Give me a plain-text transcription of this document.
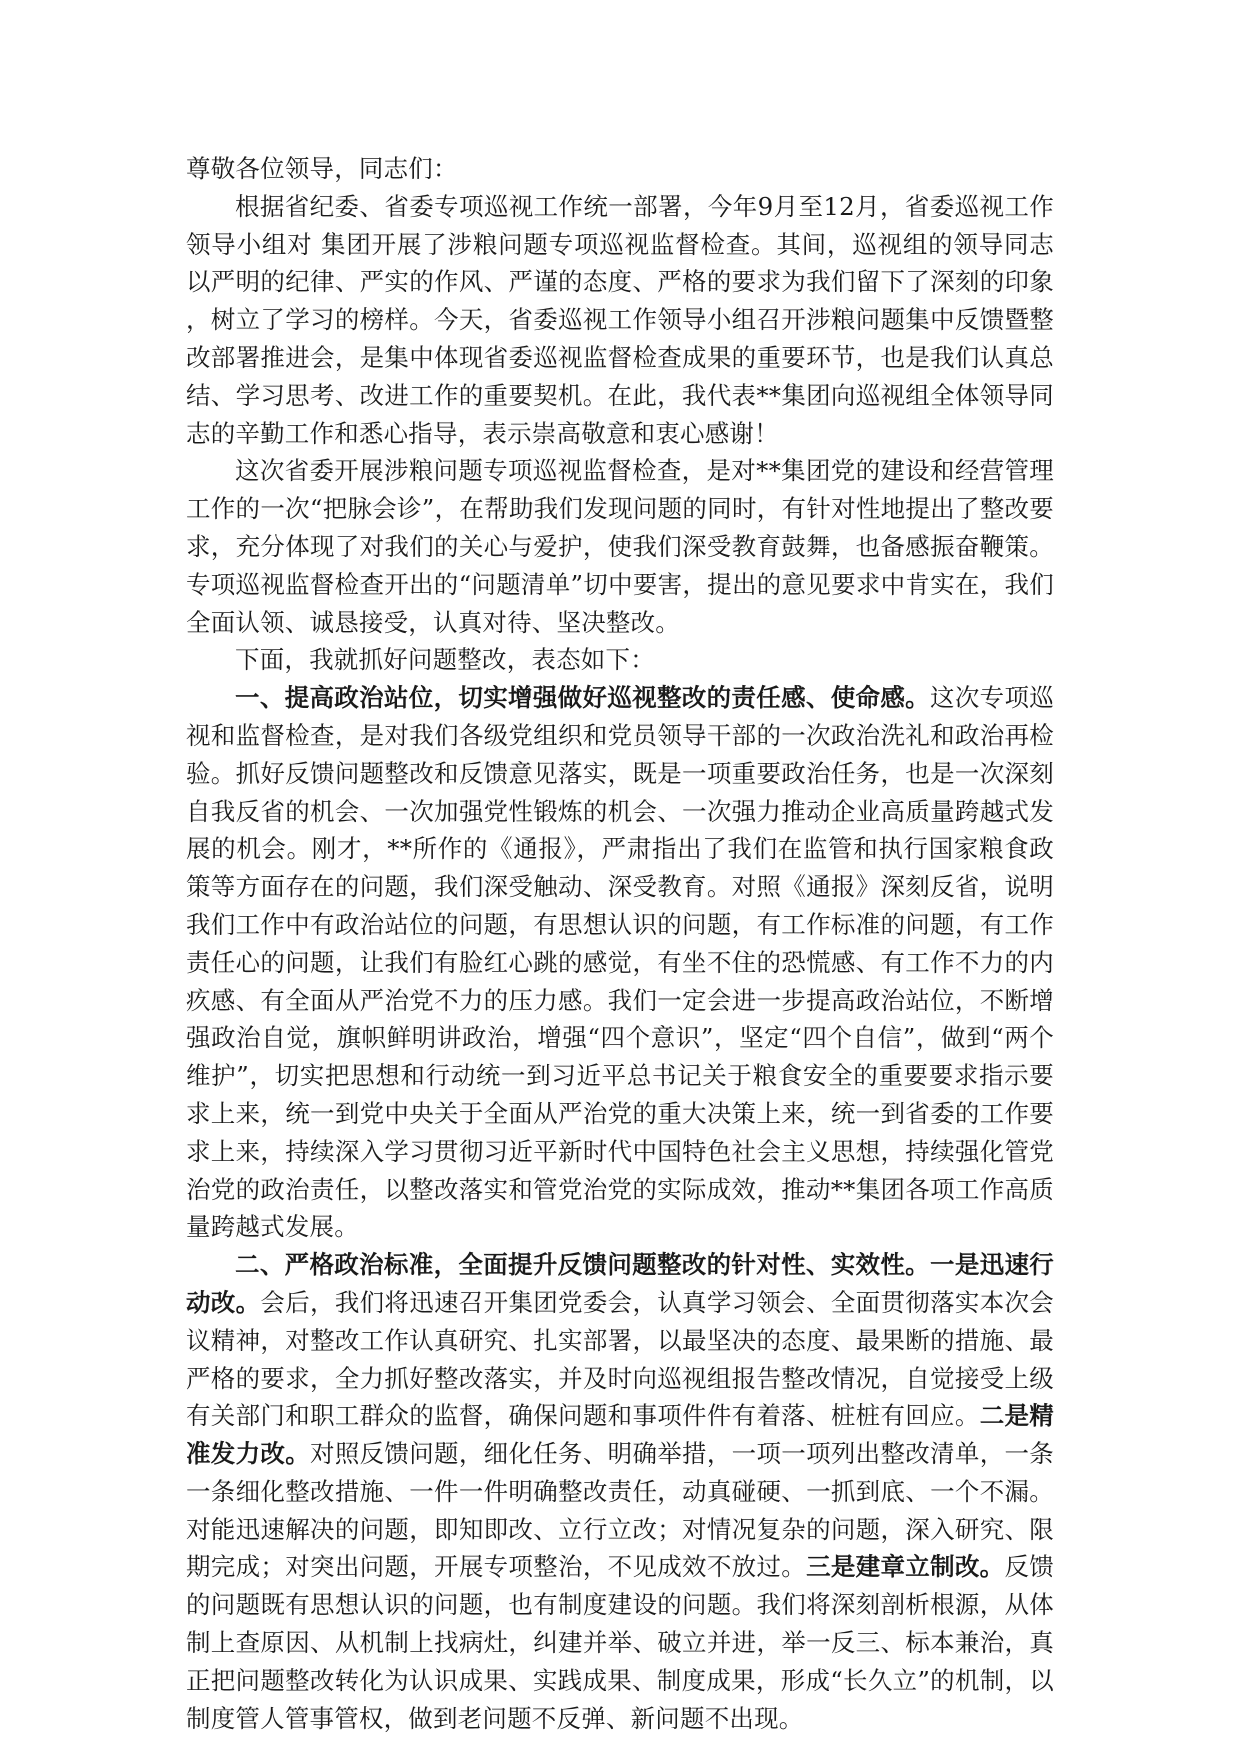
尊敬各位领导，同志们：

根据省纪委、省委专项巡视工作统一部署，今年9月至12月，省委巡视工作领导小组对 集团开展了涉粮问题专项巡视监督检查。其间，巡视组的领导同志以严明的纪律、严实的作风、严谨的态度、严格的要求为我们留下了深刻的印象，树立了学习的榜样。今天，省委巡视工作领导小组召开涉粮问题集中反馈暨整改部署推进会，是集中体现省委巡视监督检查成果的重要环节，也是我们认真总结、学习思考、改进工作的重要契机。在此，我代表**集团向巡视组全体领导同志的辛勤工作和悉心指导，表示崇高敬意和衷心感谢！

这次省委开展涉粮问题专项巡视监督检查，是对**集团党的建设和经营管理工作的一次“把脉会诊”，在帮助我们发现问题的同时，有针对性地提出了整改要求，充分体现了对我们的关心与爱护，使我们深受教育鼓舞，也备感振奋鞭策。专项巡视监督检查开出的“问题清单”切中要害，提出的意见要求中肯实在，我们全面认领、诚恳接受，认真对待、坚决整改。

下面，我就抓好问题整改，表态如下：

一、提高政治站位，切实增强做好巡视整改的责任感、使命感。这次专项巡视和监督检查，是对我们各级党组织和党员领导干部的一次政治洗礼和政治再检验。抓好反馈问题整改和反馈意见落实，既是一项重要政治任务，也是一次深刻自我反省的机会、一次加强党性锻炼的机会、一次强力推动企业高质量跨越式发展的机会。刚才，**所作的《通报》，严肃指出了我们在监管和执行国家粮食政策等方面存在的问题，我们深受触动、深受教育。对照《通报》深刻反省，说明我们工作中有政治站位的问题，有思想认识的问题，有工作标准的问题，有工作责任心的问题，让我们有脸红心跳的感觉，有坐不住的恐慌感、有工作不力的内疚感、有全面从严治党不力的压力感。我们一定会进一步提高政治站位，不断增强政治自觉，旗帜鲜明讲政治，增强“四个意识”，坚定“四个自信”，做到“两个维护”，切实把思想和行动统一到习近平总书记关于粮食安全的重要要求指示要求上来，统一到党中央关于全面从严治党的重大决策上来，统一到省委的工作要求上来，持续深入学习贯彻习近平新时代中国特色社会主义思想，持续强化管党治党的政治责任，以整改落实和管党治党的实际成效，推动**集团各项工作高质量跨越式发展。

二、严格政治标准，全面提升反馈问题整改的针对性、实效性。一是迅速行动改。会后，我们将迅速召开集团党委会，认真学习领会、全面贯彻落实本次会议精神，对整改工作认真研究、扎实部署，以最坚决的态度、最果断的措施、最严格的要求，全力抓好整改落实，并及时向巡视组报告整改情况，自觉接受上级有关部门和职工群众的监督，确保问题和事项件件有着落、桩桩有回应。二是精准发力改。对照反馈问题，细化任务、明确举措，一项一项列出整改清单，一条一条细化整改措施、一件一件明确整改责任，动真碰硬、一抓到底、一个不漏。对能迅速解决的问题，即知即改、立行立改；对情况复杂的问题，深入研究、限期完成；对突出问题，开展专项整治，不见成效不放过。三是建章立制改。反馈的问题既有思想认识的问题，也有制度建设的问题。我们将深刻剖析根源，从体制上查原因、从机制上找病灶，纠建并举、破立并进，举一反三、标本兼治，真正把问题整改转化为认识成果、实践成果、制度成果，形成“长久立”的机制，以制度管人管事管权，做到老问题不反弹、新问题不出现。
